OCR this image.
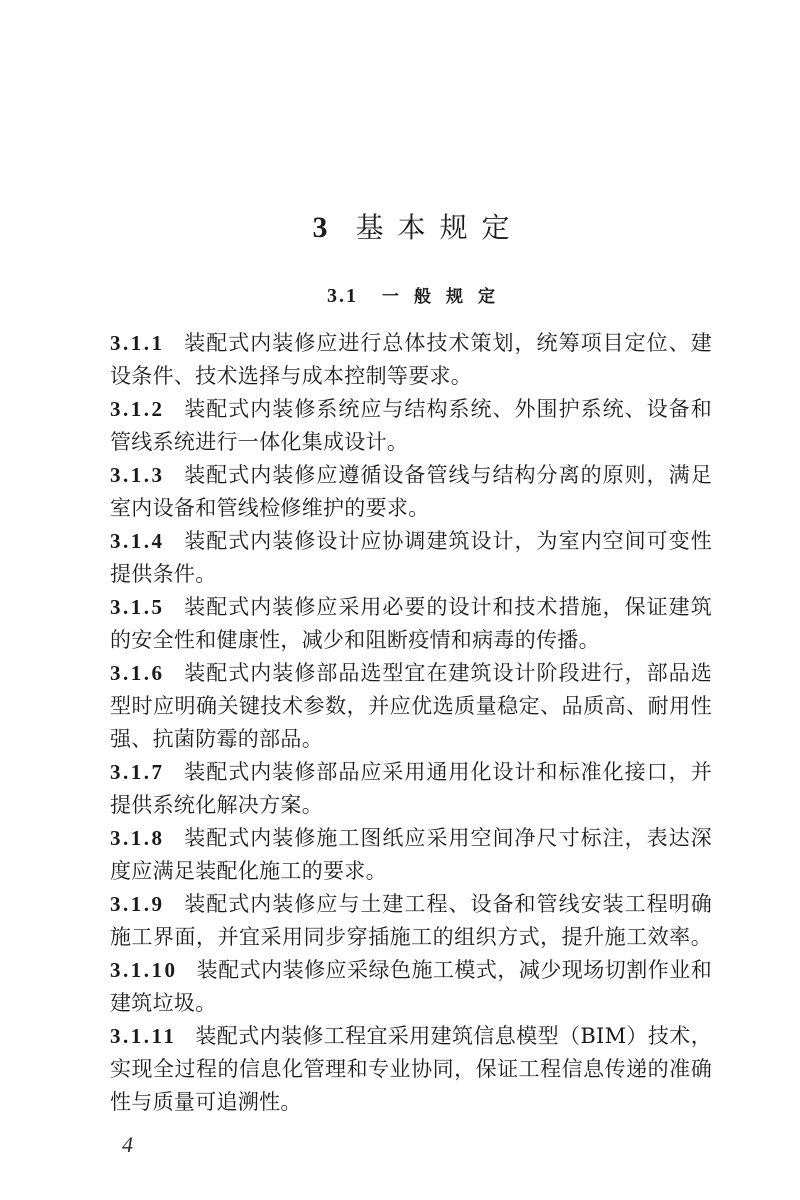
3 基本规定
3.1 一般规定
3.1.1 装配式内装修应进行总体技术策划，统筹项目定位、建
设条件、技术选择与成本控制等要求。
3.1.2 装配式内装修系统应与结构系统、外围护系统、设备和
管线系统进行一体化集成设计。
3.1.3 装配式内装修应遵循设备管线与结构分离的原则，满足
室内设备和管线检修维护的要求。
3.1.4 装配式内装修设计应协调建筑设计，为室内空间可变性
提供条件。
3.1.5 装配式内装修应采用必要的设计和技术措施，保证建筑
的安全性和健康性，减少和阻断疫情和病毒的传播。
3.1.6 装配式内装修部品选型宜在建筑设计阶段进行，部品选
型时应明确关键技术参数，并应优选质量稳定、品质高、耐用性
强、抗菌防霉的部品。
3.1.7 装配式内装修部品应采用通用化设计和标准化接口，并
提供系统化解决方案。
3.1.8 装配式内装修施工图纸应采用空间净尺寸标注，表达深
度应满足装配化施工的要求。
3.1.9 装配式内装修应与土建工程、设备和管线安装工程明确
施工界面，并宜采用同步穿插施工的组织方式，提升施工效率。
3.1.10 装配式内装修应采绿色施工模式，减少现场切割作业和
建筑垃圾。
3.1.11 装配式内装修工程宜采用建筑信息模型（BIM）技术，
实现全过程的信息化管理和专业协同，保证工程信息传递的准确
性与质量可追溯性。
4
